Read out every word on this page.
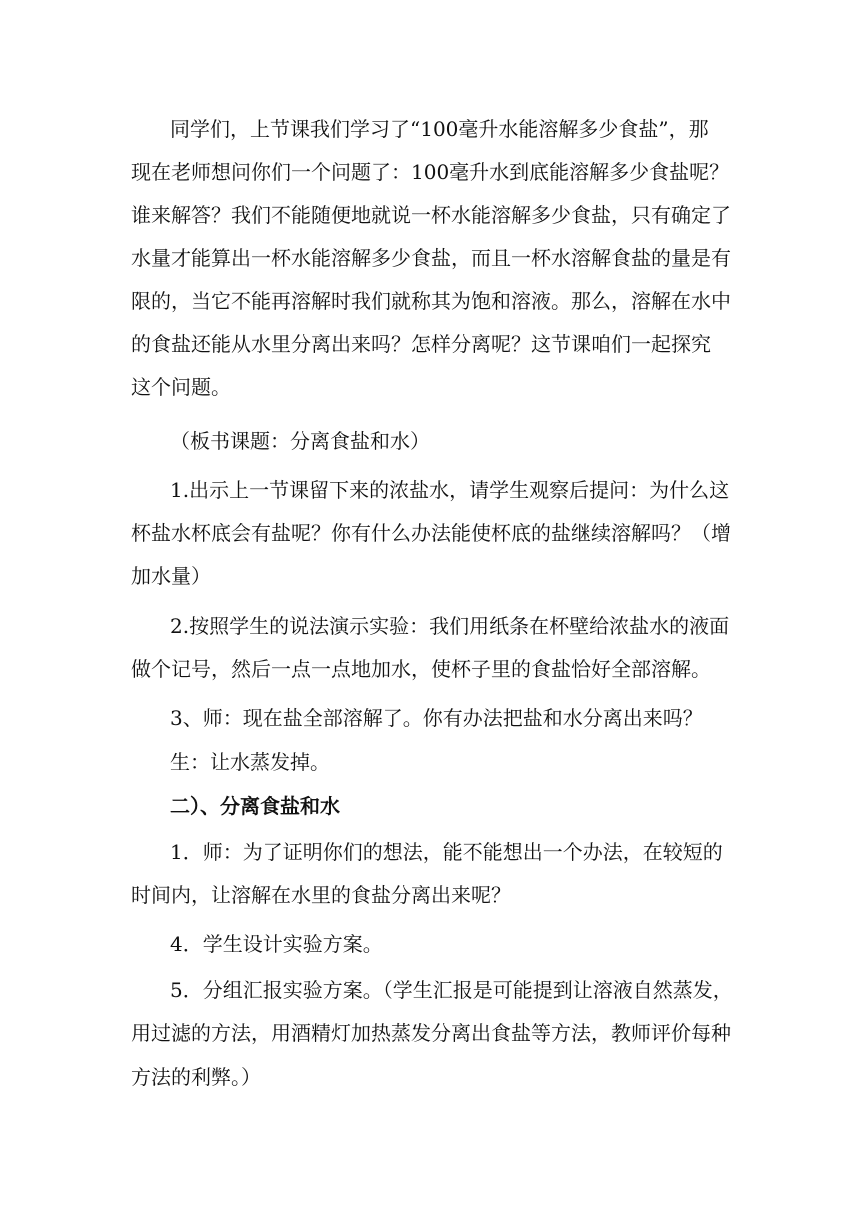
同学们，上节课我们学习了“100毫升水能溶解多少食盐”，那
现在老师想问你们一个问题了：100毫升水到底能溶解多少食盐呢？
谁来解答？我们不能随便地就说一杯水能溶解多少食盐，只有确定了
水量才能算出一杯水能溶解多少食盐，而且一杯水溶解食盐的量是有
限的，当它不能再溶解时我们就称其为饱和溶液。那么，溶解在水中
的食盐还能从水里分离出来吗？怎样分离呢？这节课咱们一起探究
这个问题。
（板书课题：分离食盐和水）
1.出示上一节课留下来的浓盐水，请学生观察后提问：为什么这
杯盐水杯底会有盐呢？你有什么办法能使杯底的盐继续溶解吗？（增
加水量）
2.按照学生的说法演示实验：我们用纸条在杯壁给浓盐水的液面
做个记号，然后一点一点地加水，使杯子里的食盐恰好全部溶解。
3、师：现在盐全部溶解了。你有办法把盐和水分离出来吗？
生：让水蒸发掉。
二）、分离食盐和水
1．师：为了证明你们的想法，能不能想出一个办法，在较短的
时间内，让溶解在水里的食盐分离出来呢？
4．学生设计实验方案。
5．分组汇报实验方案。（学生汇报是可能提到让溶液自然蒸发，
用过滤的方法，用酒精灯加热蒸发分离出食盐等方法，教师评价每种
方法的利弊。）
